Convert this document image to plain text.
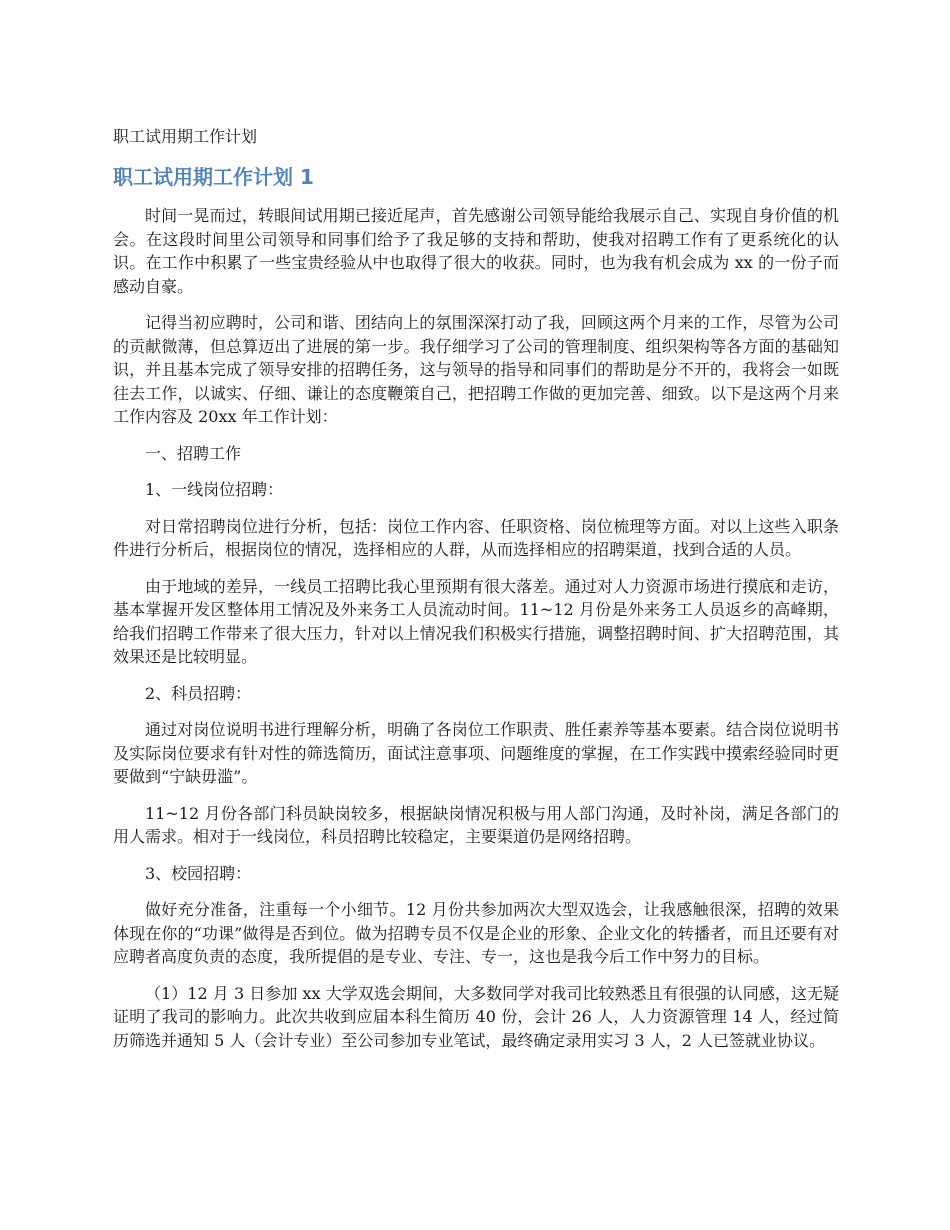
职工试用期工作计划

职工试用期工作计划 1

时间一晃而过，转眼间试用期已接近尾声，首先感谢公司领导能给我展示自己、实现自身价值的机会。在这段时间里公司领导和同事们给予了我足够的支持和帮助，使我对招聘工作有了更系统化的认识。在工作中积累了一些宝贵经验从中也取得了很大的收获。同时，也为我有机会成为 xx 的一份子而感动自豪。

记得当初应聘时，公司和谐、团结向上的氛围深深打动了我，回顾这两个月来的工作，尽管为公司的贡献微薄，但总算迈出了进展的第一步。我仔细学习了公司的管理制度、组织架构等各方面的基础知识，并且基本完成了领导安排的招聘任务，这与领导的指导和同事们的帮助是分不开的，我将会一如既往去工作，以诚实、仔细、谦让的态度鞭策自己，把招聘工作做的更加完善、细致。以下是这两个月来工作内容及 20xx 年工作计划：

一、招聘工作

1、一线岗位招聘：

对日常招聘岗位进行分析，包括：岗位工作内容、任职资格、岗位梳理等方面。对以上这些入职条件进行分析后，根据岗位的情况，选择相应的人群，从而选择相应的招聘渠道，找到合适的人员。

由于地域的差异，一线员工招聘比我心里预期有很大落差。通过对人力资源市场进行摸底和走访，基本掌握开发区整体用工情况及外来务工人员流动时间。11~12 月份是外来务工人员返乡的高峰期，给我们招聘工作带来了很大压力，针对以上情况我们积极实行措施，调整招聘时间、扩大招聘范围，其效果还是比较明显。

2、科员招聘：

通过对岗位说明书进行理解分析，明确了各岗位工作职责、胜任素养等基本要素。结合岗位说明书及实际岗位要求有针对性的筛选简历，面试注意事项、问题维度的掌握，在工作实践中摸索经验同时更要做到“宁缺毋滥”。

11~12 月份各部门科员缺岗较多，根据缺岗情况积极与用人部门沟通，及时补岗，满足各部门的用人需求。相对于一线岗位，科员招聘比较稳定，主要渠道仍是网络招聘。

3、校园招聘：

做好充分准备，注重每一个小细节。12 月份共参加两次大型双选会，让我感触很深，招聘的效果体现在你的“功课”做得是否到位。做为招聘专员不仅是企业的形象、企业文化的转播者，而且还要有对应聘者高度负责的态度，我所提倡的是专业、专注、专一，这也是我今后工作中努力的目标。

（1）12 月 3 日参加 xx 大学双选会期间，大多数同学对我司比较熟悉且有很强的认同感，这无疑证明了我司的影响力。此次共收到应届本科生简历 40 份，会计 26 人，人力资源管理 14 人，经过简历筛选并通知 5 人（会计专业）至公司参加专业笔试，最终确定录用实习 3 人，2 人已签就业协议。
